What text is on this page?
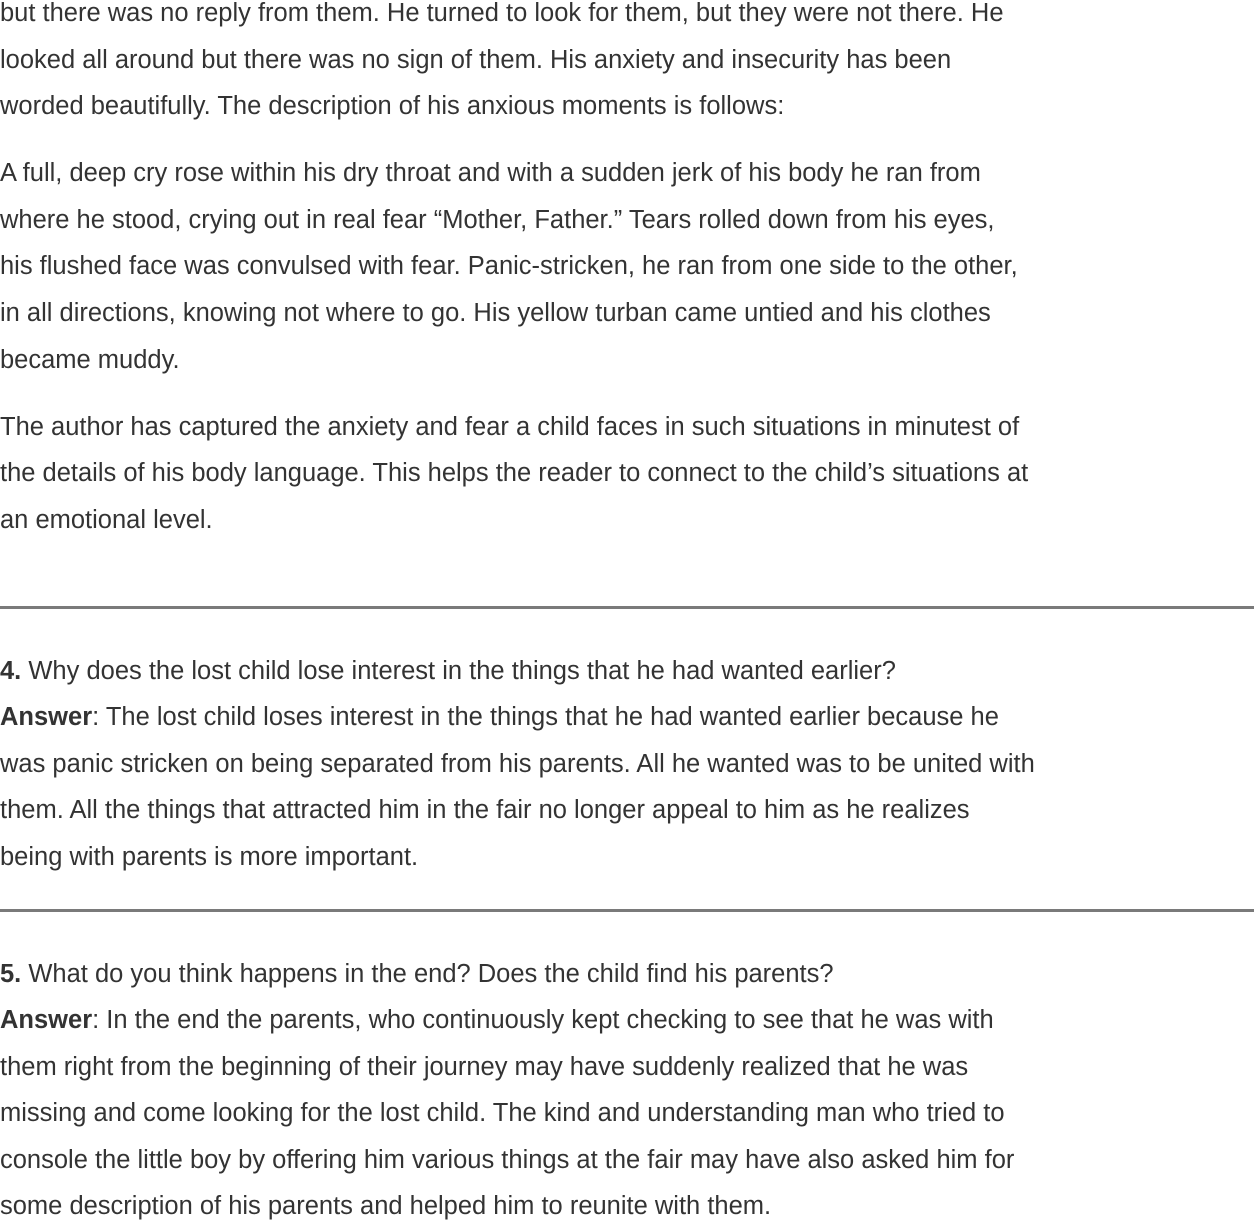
but there was no reply from them. He turned to look for them, but they were not there. He
looked all around but there was no sign of them. His anxiety and insecurity has been
worded beautifully. The description of his anxious moments is follows:
A full, deep cry rose within his dry throat and with a sudden jerk of his body he ran from
where he stood, crying out in real fear “Mother, Father.” Tears rolled down from his eyes,
his flushed face was convulsed with fear. Panic-stricken, he ran from one side to the other,
in all directions, knowing not where to go. His yellow turban came untied and his clothes
became muddy.
The author has captured the anxiety and fear a child faces in such situations in minutest of
the details of his body language. This helps the reader to connect to the child’s situations at
an emotional level.
4. Why does the lost child lose interest in the things that he had wanted earlier?
Answer: The lost child loses interest in the things that he had wanted earlier because he
was panic stricken on being separated from his parents. All he wanted was to be united with
them. All the things that attracted him in the fair no longer appeal to him as he realizes
being with parents is more important.
5. What do you think happens in the end? Does the child find his parents?
Answer: In the end the parents, who continuously kept checking to see that he was with
them right from the beginning of their journey may have suddenly realized that he was
missing and come looking for the lost child. The kind and understanding man who tried to
console the little boy by offering him various things at the fair may have also asked him for
some description of his parents and helped him to reunite with them.
